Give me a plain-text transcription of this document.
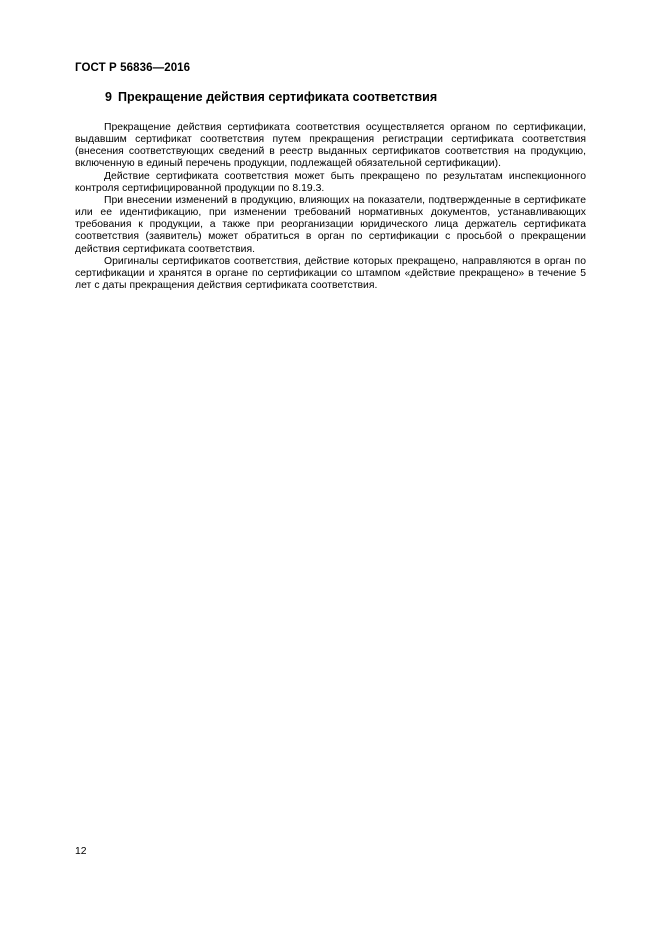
ГОСТ Р 56836—2016
9 Прекращение действия сертификата соответствия

Прекращение действия сертификата соответствия осуществляется органом по сертификации, выдавшим сертификат соответствия путем прекращения регистрации сертификата соответствия (внесения соответствующих сведений в реестр выданных сертификатов соответствия на продукцию, включенную в единый перечень продукции, подлежащей обязательной сертификации).

Действие сертификата соответствия может быть прекращено по результатам инспекционного контроля сертифицированной продукции по 8.19.3.

При внесении изменений в продукцию, влияющих на показатели, подтвержденные в сертификате или ее идентификацию, при изменении требований нормативных документов, устанавливающих требования к продукции, а также при реорганизации юридического лица держатель сертификата соответствия (заявитель) может обратиться в орган по сертификации с просьбой о прекращении действия сертификата соответствия.

Оригиналы сертификатов соответствия, действие которых прекращено, направляются в орган по сертификации и хранятся в органе по сертификации со штампом «действие прекращено» в течение 5 лет с даты прекращения действия сертификата соответствия.

12
